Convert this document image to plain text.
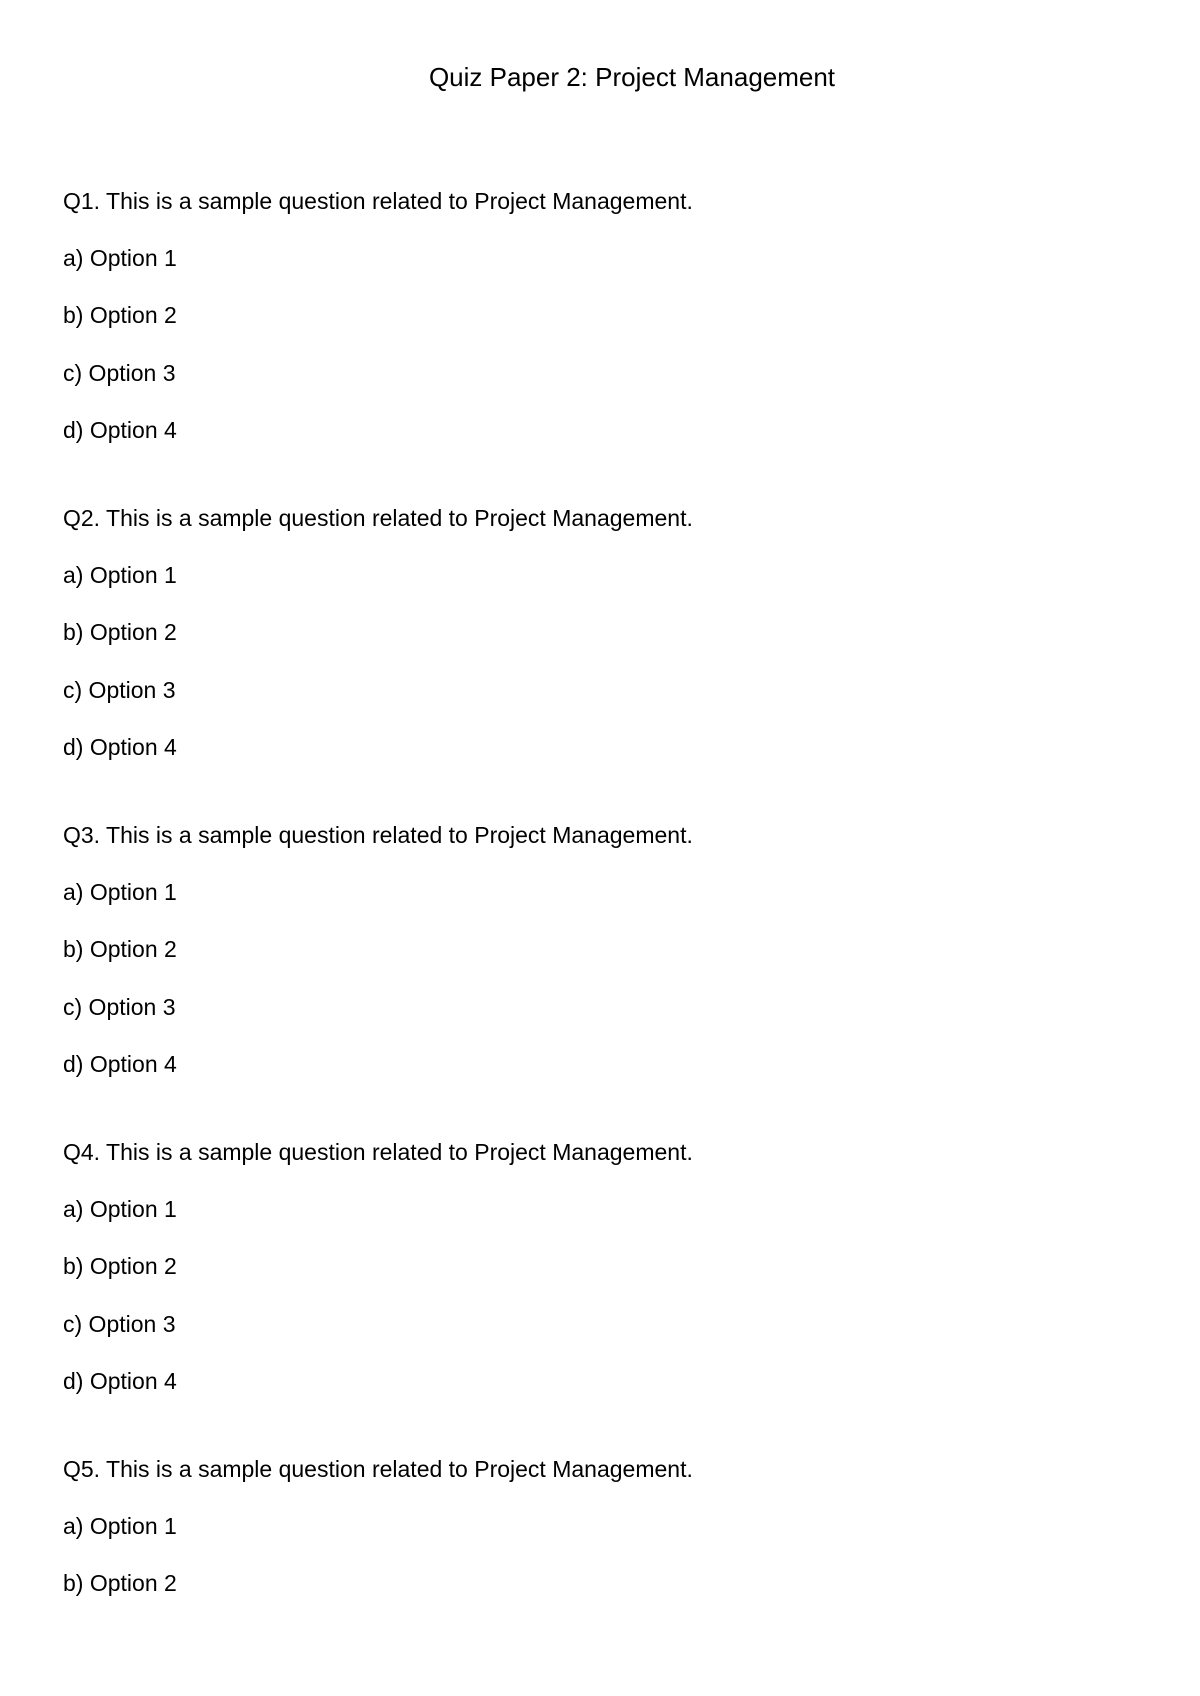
Quiz Paper 2: Project Management

Q1. This is a sample question related to Project Management.

a) Option 1

b) Option 2

c) Option 3

d) Option 4

Q2. This is a sample question related to Project Management.

a) Option 1

b) Option 2

c) Option 3

d) Option 4

Q3. This is a sample question related to Project Management.

a) Option 1

b) Option 2

c) Option 3

d) Option 4

Q4. This is a sample question related to Project Management.

a) Option 1

b) Option 2

c) Option 3

d) Option 4

Q5. This is a sample question related to Project Management.

a) Option 1

b) Option 2
